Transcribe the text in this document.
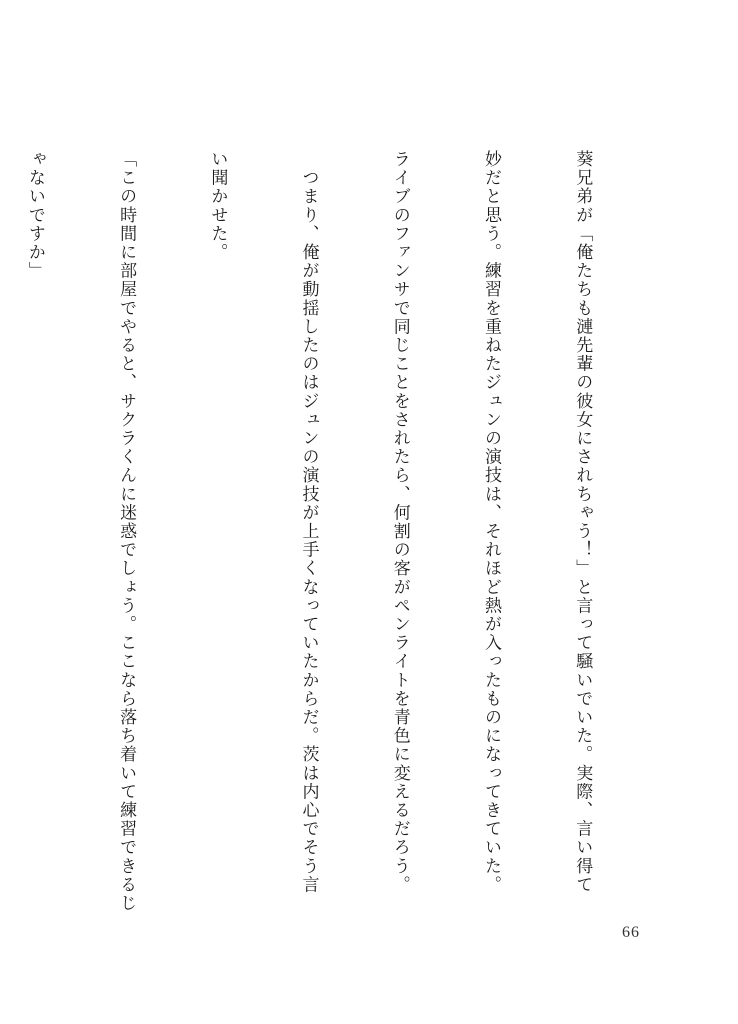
葵兄弟が「俺たちも漣先輩の彼女にされちゃう！」と言って騒いでいた。実際、言い得て

妙だと思う。練習を重ねたジュンの演技は、それほど熱が入ったものになってきていた。

ライブのファンサで同じことをされたら、何割の客がペンライトを青色に変えるだろう。

　つまり、俺が動揺したのはジュンの演技が上手くなっていたからだ。茨は内心でそう言

い聞かせた。

「この時間に部屋でやると、サクラくんに迷惑でしょう。ここなら落ち着いて練習できるじ

ゃないですか」

66
